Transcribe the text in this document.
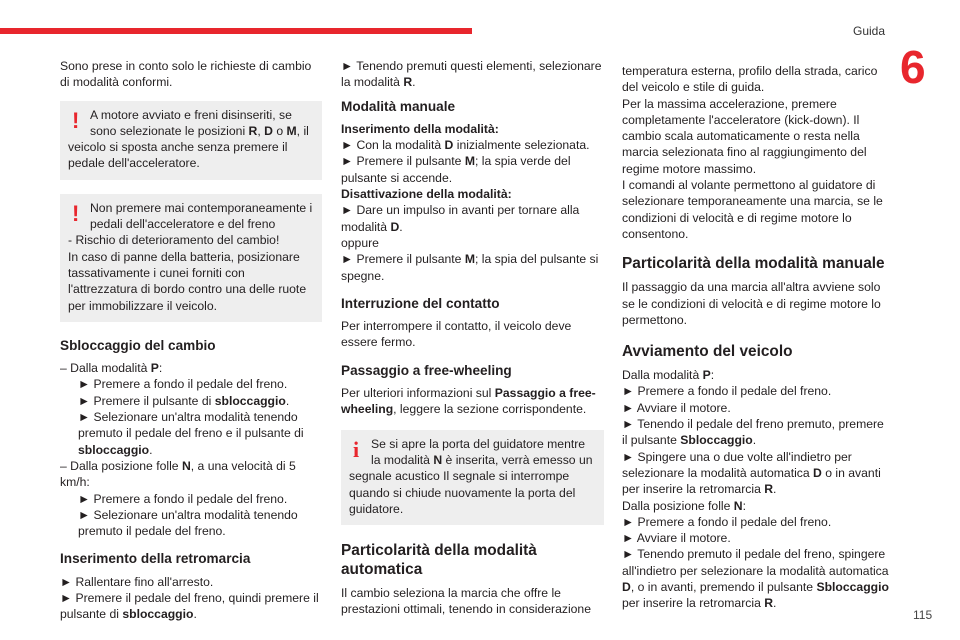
Guida
6
115

Sono prese in conto solo le richieste di cambio di modalità conformi.

! A motore avviato e freni disinseriti, se
sono selezionate le posizioni R, D o M, il

veicolo si sposta anche senza premere il pedale dell'acceleratore.

! Non premere mai contemporaneamente i
pedali dell'acceleratore e del freno

- Rischio di deterioramento del cambio!

In caso di panne della batteria, posizionare tassativamente i cunei forniti con l'attrezzatura di bordo contro una delle ruote per immobilizzare il veicolo.

Sbloccaggio del cambio

– Dalla modalità P:

► Premere a fondo il pedale del freno.

► Premere il pulsante di sbloccaggio.

► Selezionare un'altra modalità tenendo premuto il pedale del freno e il pulsante di
sbloccaggio.

– Dalla posizione folle N, a una velocità di 5 km/h:

► Premere a fondo il pedale del freno.

► Selezionare un'altra modalità tenendo premuto il pedale del freno.

Inserimento della retromarcia

► Rallentare fino all'arresto.

► Premere il pedale del freno, quindi premere il pulsante di sbloccaggio.

► Tenendo premuti questi elementi, selezionare la modalità R.

Modalità manuale

Inserimento della modalità:

► Con la modalità D inizialmente selezionata.

► Premere il pulsante M; la spia verde del pulsante si accende.

Disattivazione della modalità:

► Dare un impulso in avanti per tornare alla modalità D.

oppure

► Premere il pulsante M; la spia del pulsante si spegne.

Interruzione del contatto

Per interrompere il contatto, il veicolo deve essere fermo.

Passaggio a free-wheeling

Per ulteriori informazioni sul Passaggio a free-wheeling, leggere la sezione corrispondente.

i Se si apre la porta del guidatore mentre
la modalità N è inserita, verrà emesso un

segnale acustico Il segnale si interrompe quando si chiude nuovamente la porta del guidatore.

Particolarità della modalità automatica

Il cambio seleziona la marcia che offre le prestazioni ottimali, tenendo in considerazione

temperatura esterna, profilo della strada, carico del veicolo e stile di guida.

Per la massima accelerazione, premere completamente l'acceleratore (kick-down). Il cambio scala automaticamente o resta nella marcia selezionata fino al raggiungimento del regime motore massimo.

I comandi al volante permettono al guidatore di selezionare temporaneamente una marcia, se le condizioni di velocità e di regime motore lo consentono.

Particolarità della modalità manuale

Il passaggio da una marcia all'altra avviene solo se le condizioni di velocità e di regime motore lo permettono.

Avviamento del veicolo

Dalla modalità P:

► Premere a fondo il pedale del freno.

► Avviare il motore.

► Tenendo il pedale del freno premuto, premere il pulsante Sbloccaggio.

► Spingere una o due volte all'indietro per selezionare la modalità automatica D o in avanti per inserire la retromarcia R.

Dalla posizione folle N:

► Premere a fondo il pedale del freno.

► Avviare il motore.

► Tenendo premuto il pedale del freno, spingere all'indietro per selezionare la modalità automatica D, o in avanti, premendo il pulsante Sbloccaggio per inserire la retromarcia R.
